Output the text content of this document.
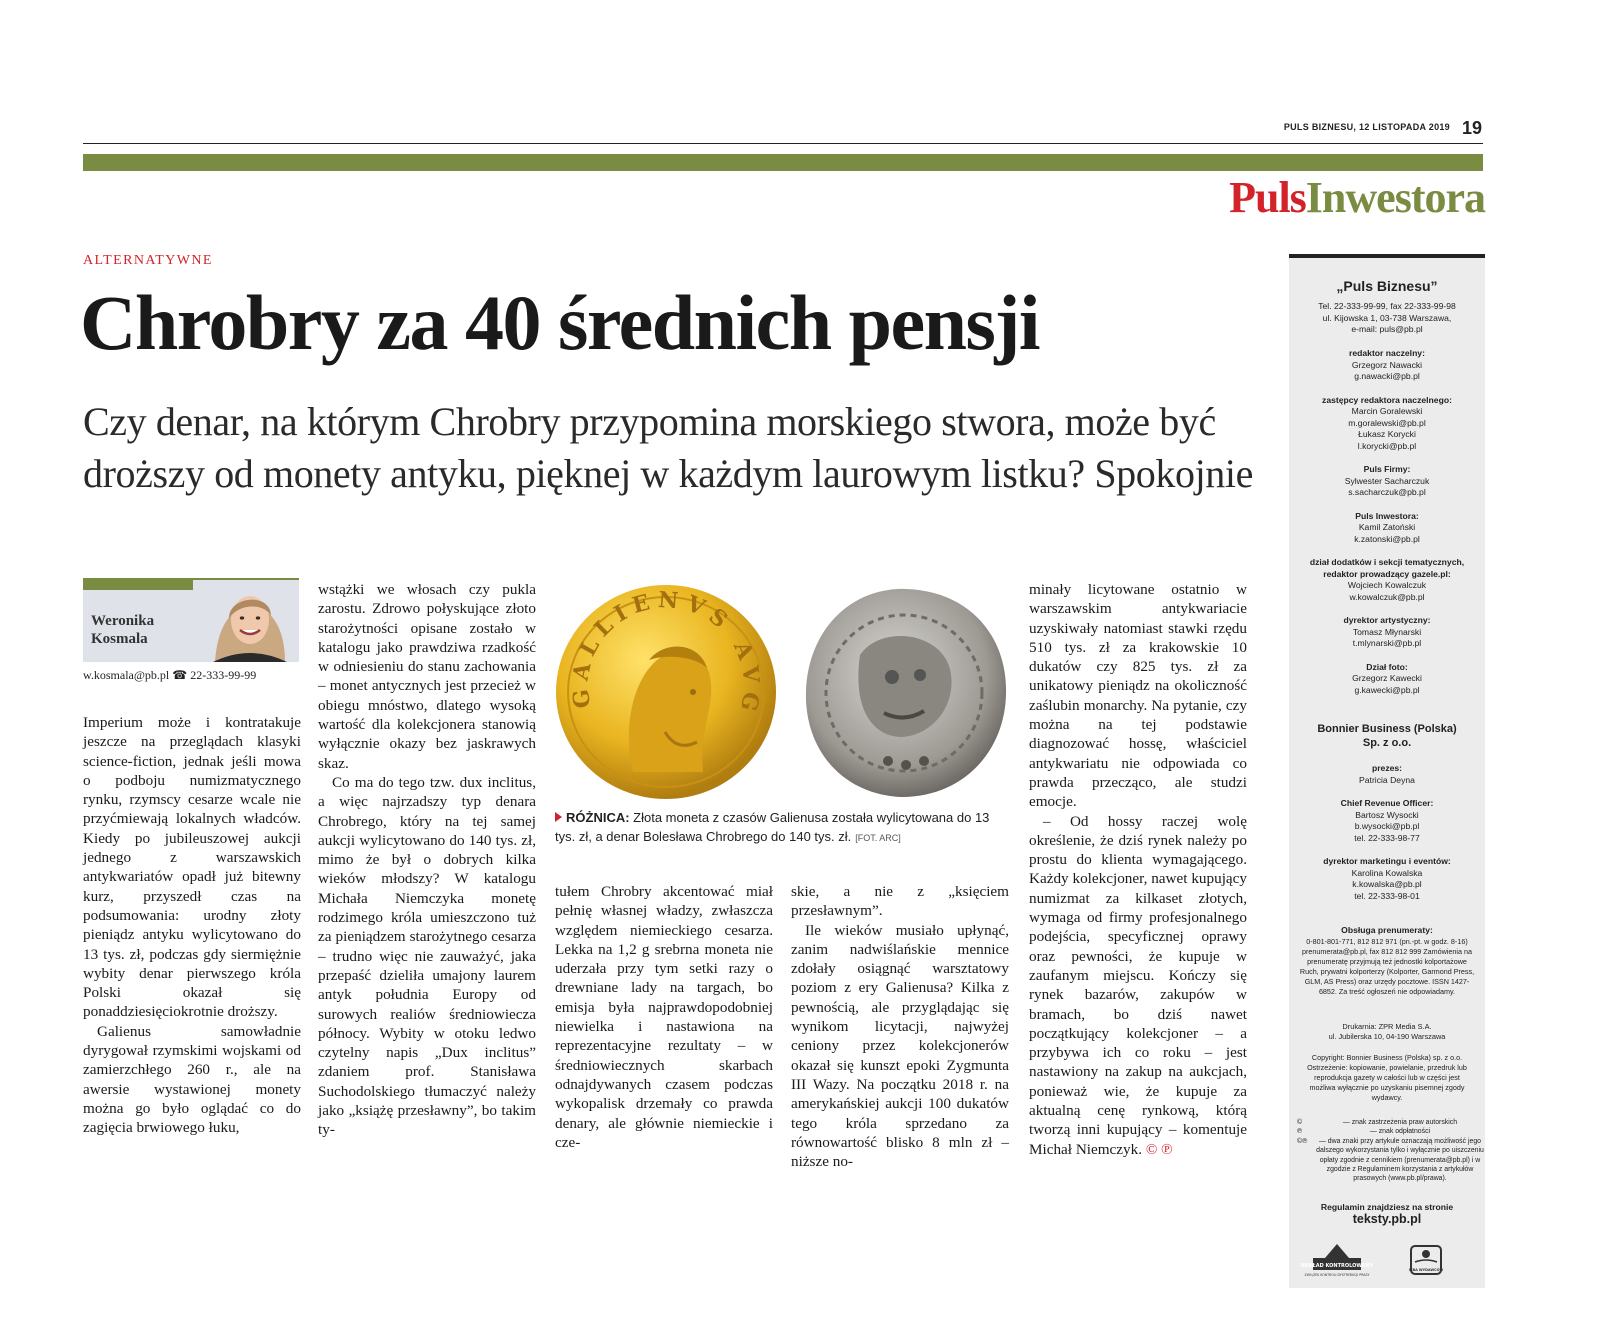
PULS BIZNESU, 12 LISTOPADA 2019 19
PulsInwestora
ALTERNATYWNE
Chrobry za 40 średnich pensji
Czy denar, na którym Chrobry przypomina morskiego stwora, może być droższy od monety antyku, pięknej w każdym laurowym listku? Spokojnie
Weronika
Kosmala
w.kosmala@pb.pl ☎ 22-333-99-99

Imperium może i kontratakuje jeszcze na przeglądach klasyki science-fiction, jednak jeśli mowa o podboju numizmatycznego rynku, rzymscy cesarze wcale nie przyćmiewają lokalnych władców. Kiedy po jubileuszowej aukcji jednego z warszawskich antykwariatów opadł już bitewny kurz, przyszedł czas na podsumowania: urodny złoty pieniądz antyku wylicytowano do 13 tys. zł, podczas gdy siermiężnie wybity denar pierwszego króla Polski okazał się ponaddziesięciokrotnie droższy.

Galienus samowładnie dyrygował rzymskimi wojskami od zamierzchłego 260 r., ale na awersie wystawionej monety można go było oglądać co do zagięcia brwiowego łuku,

wstążki we włosach czy pukla zarostu. Zdrowo połyskujące złoto starożytności opisane zostało w katalogu jako prawdziwa rzadkość w odniesieniu do stanu zachowania – monet antycznych jest przecież w obiegu mnóstwo, dlatego wysoką wartość dla kolekcjonera stanowią wyłącznie okazy bez jaskrawych skaz.

Co ma do tego tzw. dux inclitus, a więc najrzadszy typ denara Chrobrego, który na tej samej aukcji wylicytowano do 140 tys. zł, mimo że był o dobrych kilka wieków młodszy? W katalogu Michała Niemczyka monetę rodzimego króla umieszczono tuż za pieniądzem starożytnego cesarza – trudno więc nie zauważyć, jaka przepaść dzieliła umajony laurem antyk południa Europy od surowych realiów średniowiecza północy. Wybity w otoku ledwo czytelny napis „Dux inclitus” zdaniem prof. Stanisława Suchodolskiego tłumaczyć należy jako „książę przesławny”, bo takim ty-

tułem Chrobry akcentować miał pełnię własnej władzy, zwłaszcza względem niemieckiego cesarza. Lekka na 1,2 g srebrna moneta nie uderzała przy tym setki razy o drewniane lady na targach, bo emisja była najprawdopodobniej niewielka i nastawiona na reprezentacyjne rezultaty – w średniowiecznych skarbach odnajdywanych czasem podczas wykopalisk drzemały co prawda denary, ale głównie niemieckie i cze-

skie, a nie z „księciem przesławnym”.

Ile wieków musiało upłynąć, zanim nadwiślańskie mennice zdołały osiągnąć warsztatowy poziom z ery Galienusa? Kilka z pewnością, ale przyglądając się wynikom licytacji, najwyżej ceniony przez kolekcjonerów okazał się kunszt epoki Zygmunta III Wazy. Na początku 2018 r. na amerykańskiej aukcji 100 dukatów tego króla sprzedano za równowartość blisko 8 mln zł – niższe no-

minały licytowane ostatnio w warszawskim antykwariacie uzyskiwały natomiast stawki rzędu 510 tys. zł za krakowskie 10 dukatów czy 825 tys. zł za unikatowy pieniądz na okoliczność zaślubin monarchy. Na pytanie, czy można na tej podstawie diagnozować hossę, właściciel antykwariatu nie odpowiada co prawda przecząco, ale studzi emocje.

– Od hossy raczej wolę określenie, że dziś rynek należy po prostu do klienta wymagającego. Każdy kolekcjoner, nawet kupujący numizmat za kilkaset złotych, wymaga od firmy profesjonalnego podejścia, specyficznej oprawy oraz pewności, że kupuje w zaufanym miejscu. Kończy się rynek bazarów, zakupów w bramach, bo dziś nawet początkujący kolekcjoner – a przybywa ich co roku – jest nastawiony na zakup na aukcjach, ponieważ wie, że kupuje za aktualną cenę rynkową, którą tworzą inni kupujący – komentuje Michał Niemczyk. © ℗

GALLIENVS AVG
RÓŻNICA: Złota moneta z czasów Galienusa została wylicytowana do 13 tys. zł, a denar Bolesława Chrobrego do 140 tys. zł. [FOT. ARC]
„Puls Biznesu”
Tel. 22-333-99-99, fax 22-333-99-98
ul. Kijowska 1, 03-738 Warszawa,
e-mail: puls@pb.pl
redaktor naczelny:
Grzegorz Nawacki
g.nawacki@pb.pl
zastępcy redaktora naczelnego:
Marcin Goralewski
m.goralewski@pb.pl
Łukasz Korycki
l.korycki@pb.pl
Puls Firmy:
Sylwester Sacharczuk
s.sacharczuk@pb.pl
Puls Inwestora:
Kamil Zatoński
k.zatonski@pb.pl
dział dodatków i sekcji tematycznych, redaktor prowadzący gazele.pl:
Wojciech Kowalczuk
w.kowalczuk@pb.pl
dyrektor artystyczny:
Tomasz Młynarski
t.mlynarski@pb.pl
Dział foto:
Grzegorz Kawecki
g.kawecki@pb.pl
Bonnier Business (Polska) Sp. z o.o.
prezes:
Patricia Deyna
Chief Revenue Officer:
Bartosz Wysocki
b.wysocki@pb.pl
tel. 22-333-98-77
dyrektor marketingu i eventów:
Karolina Kowalska
k.kowalska@pb.pl
tel. 22-333-98-01
Obsługa prenumeraty:
0-801-801-771, 812 812 971 (pn.-pt. w godz. 8-16) prenumerata@pb.pl, fax 812 812 999 Zamówienia na prenumeratę przyjmują też jednostki kolportażowe Ruch, prywatni kolporterzy (Kolporter, Garmond Press, GLM, AS Press) oraz urzędy pocztowe. ISSN 1427-6852. Za treść ogłoszeń nie odpowiadamy.
Drukarnia: ZPR Media S.A.
ul. Jubilerska 10, 04-190 Warszawa
Copyright: Bonnier Business (Polska) sp. z o.o. Ostrzeżenie: kopiowanie, powielanie, przedruk lub reprodukcja gazety w całości lub w części jest możliwa wyłącznie po uzyskaniu pisemnej zgody wydawcy.
©	— znak zastrzeżenia praw autorskich
℗	— znak odpłatności
©℗	— dwa znaki przy artykule oznaczają możliwość jego dalszego wykorzystania tylko i wyłącznie po uiszczeniu opłaty zgodnie z cennikiem (prenumerata@pb.pl) i w zgodzie z Regulaminem korzystania z artykułów prasowych (www.pb.pl/prawa).
Regulamin znajdziesz na stronie
teksty.pb.pl
NAKŁAD KONTROLOWANY
ZWIĄZEK KONTROLI DYSTRYBUCJI PRASY
IZBA WYDAWCÓW
